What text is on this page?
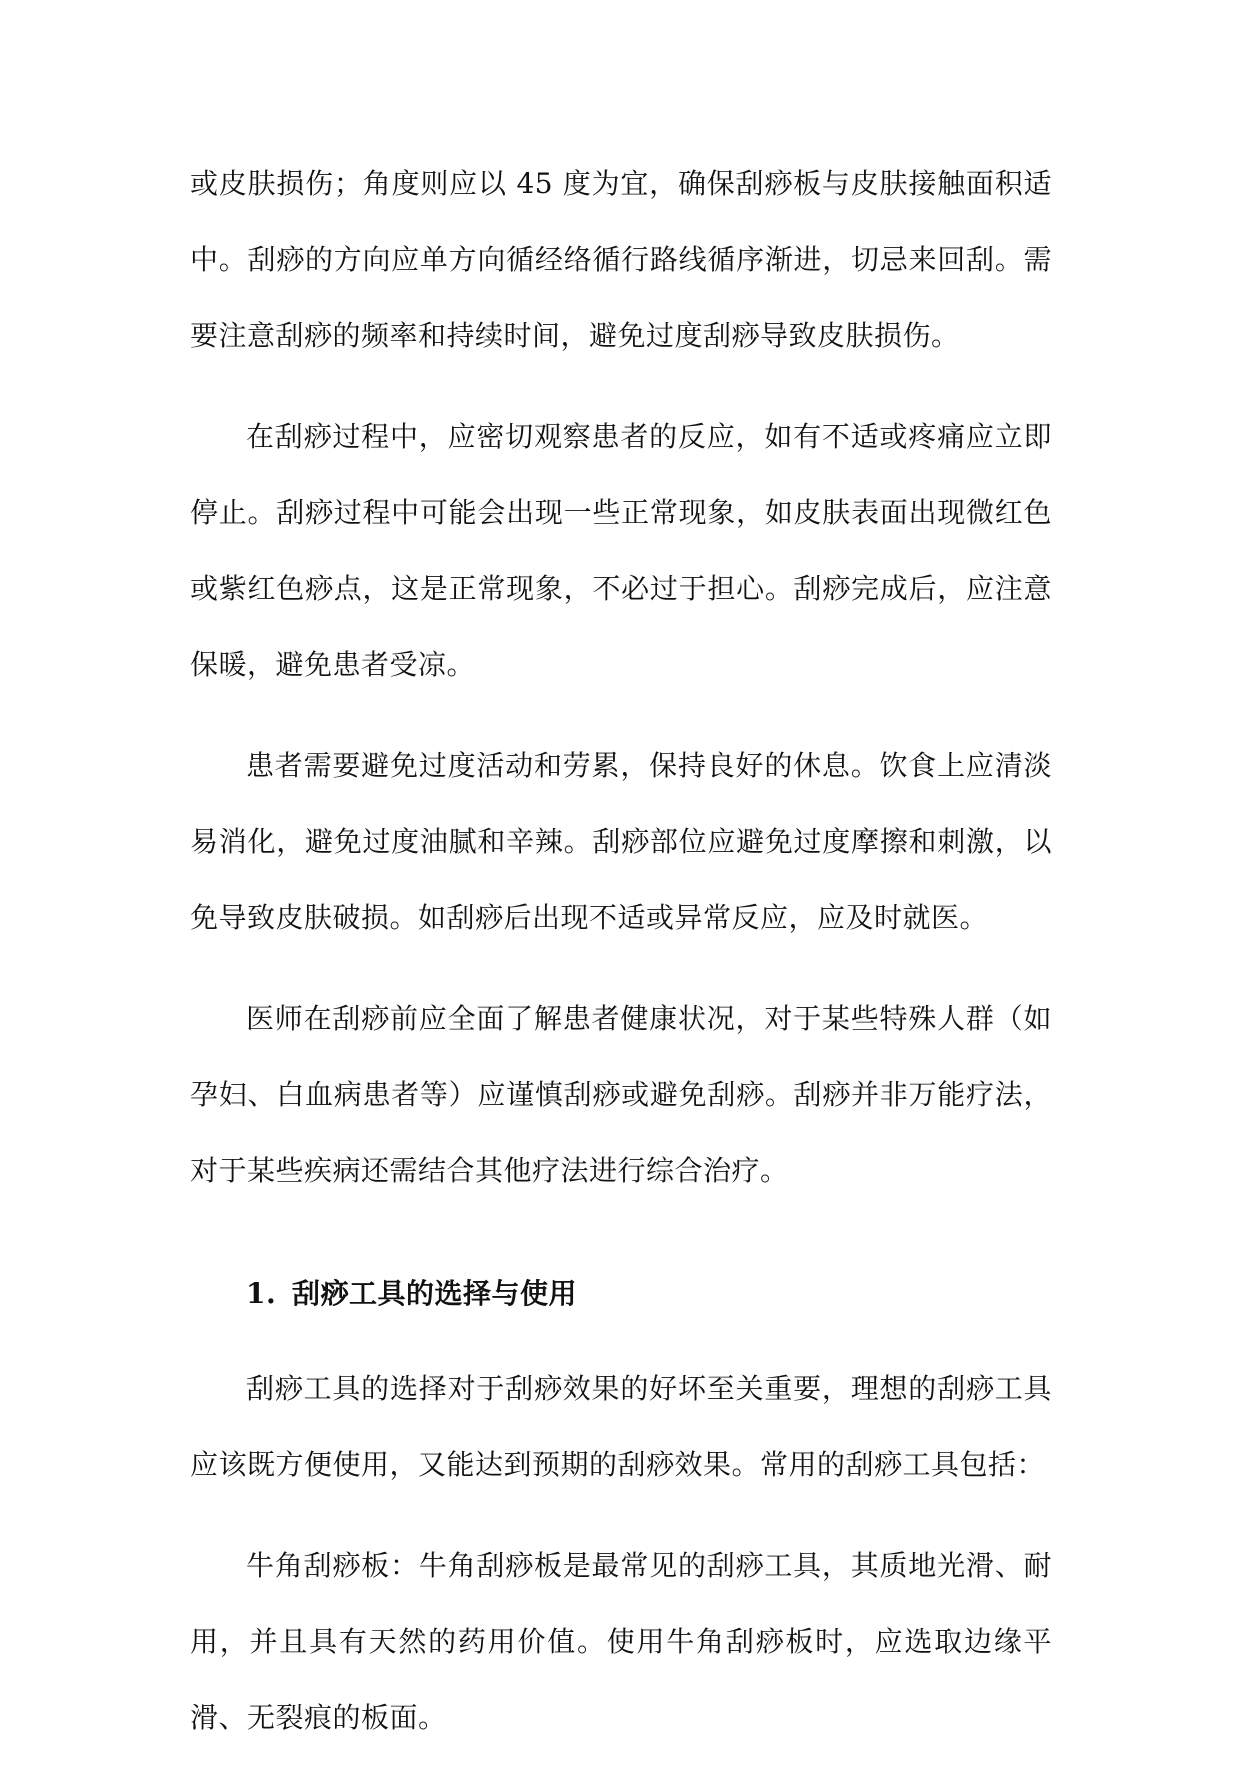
或皮肤损伤；角度则应以 45 度为宜，确保刮痧板与皮肤接触面积适中。刮痧的方向应单方向循经络循行路线循序渐进，切忌来回刮。需要注意刮痧的频率和持续时间，避免过度刮痧导致皮肤损伤。

在刮痧过程中，应密切观察患者的反应，如有不适或疼痛应立即停止。刮痧过程中可能会出现一些正常现象，如皮肤表面出现微红色或紫红色痧点，这是正常现象，不必过于担心。刮痧完成后，应注意保暖，避免患者受凉。

患者需要避免过度活动和劳累，保持良好的休息。饮食上应清淡易消化，避免过度油腻和辛辣。刮痧部位应避免过度摩擦和刺激，以免导致皮肤破损。如刮痧后出现不适或异常反应，应及时就医。

医师在刮痧前应全面了解患者健康状况，对于某些特殊人群（如孕妇、白血病患者等）应谨慎刮痧或避免刮痧。刮痧并非万能疗法，对于某些疾病还需结合其他疗法进行综合治疗。

1. 刮痧工具的选择与使用

刮痧工具的选择对于刮痧效果的好坏至关重要，理想的刮痧工具应该既方便使用，又能达到预期的刮痧效果。常用的刮痧工具包括：

牛角刮痧板：牛角刮痧板是最常见的刮痧工具，其质地光滑、耐用，并且具有天然的药用价值。使用牛角刮痧板时，应选取边缘平滑、无裂痕的板面。
